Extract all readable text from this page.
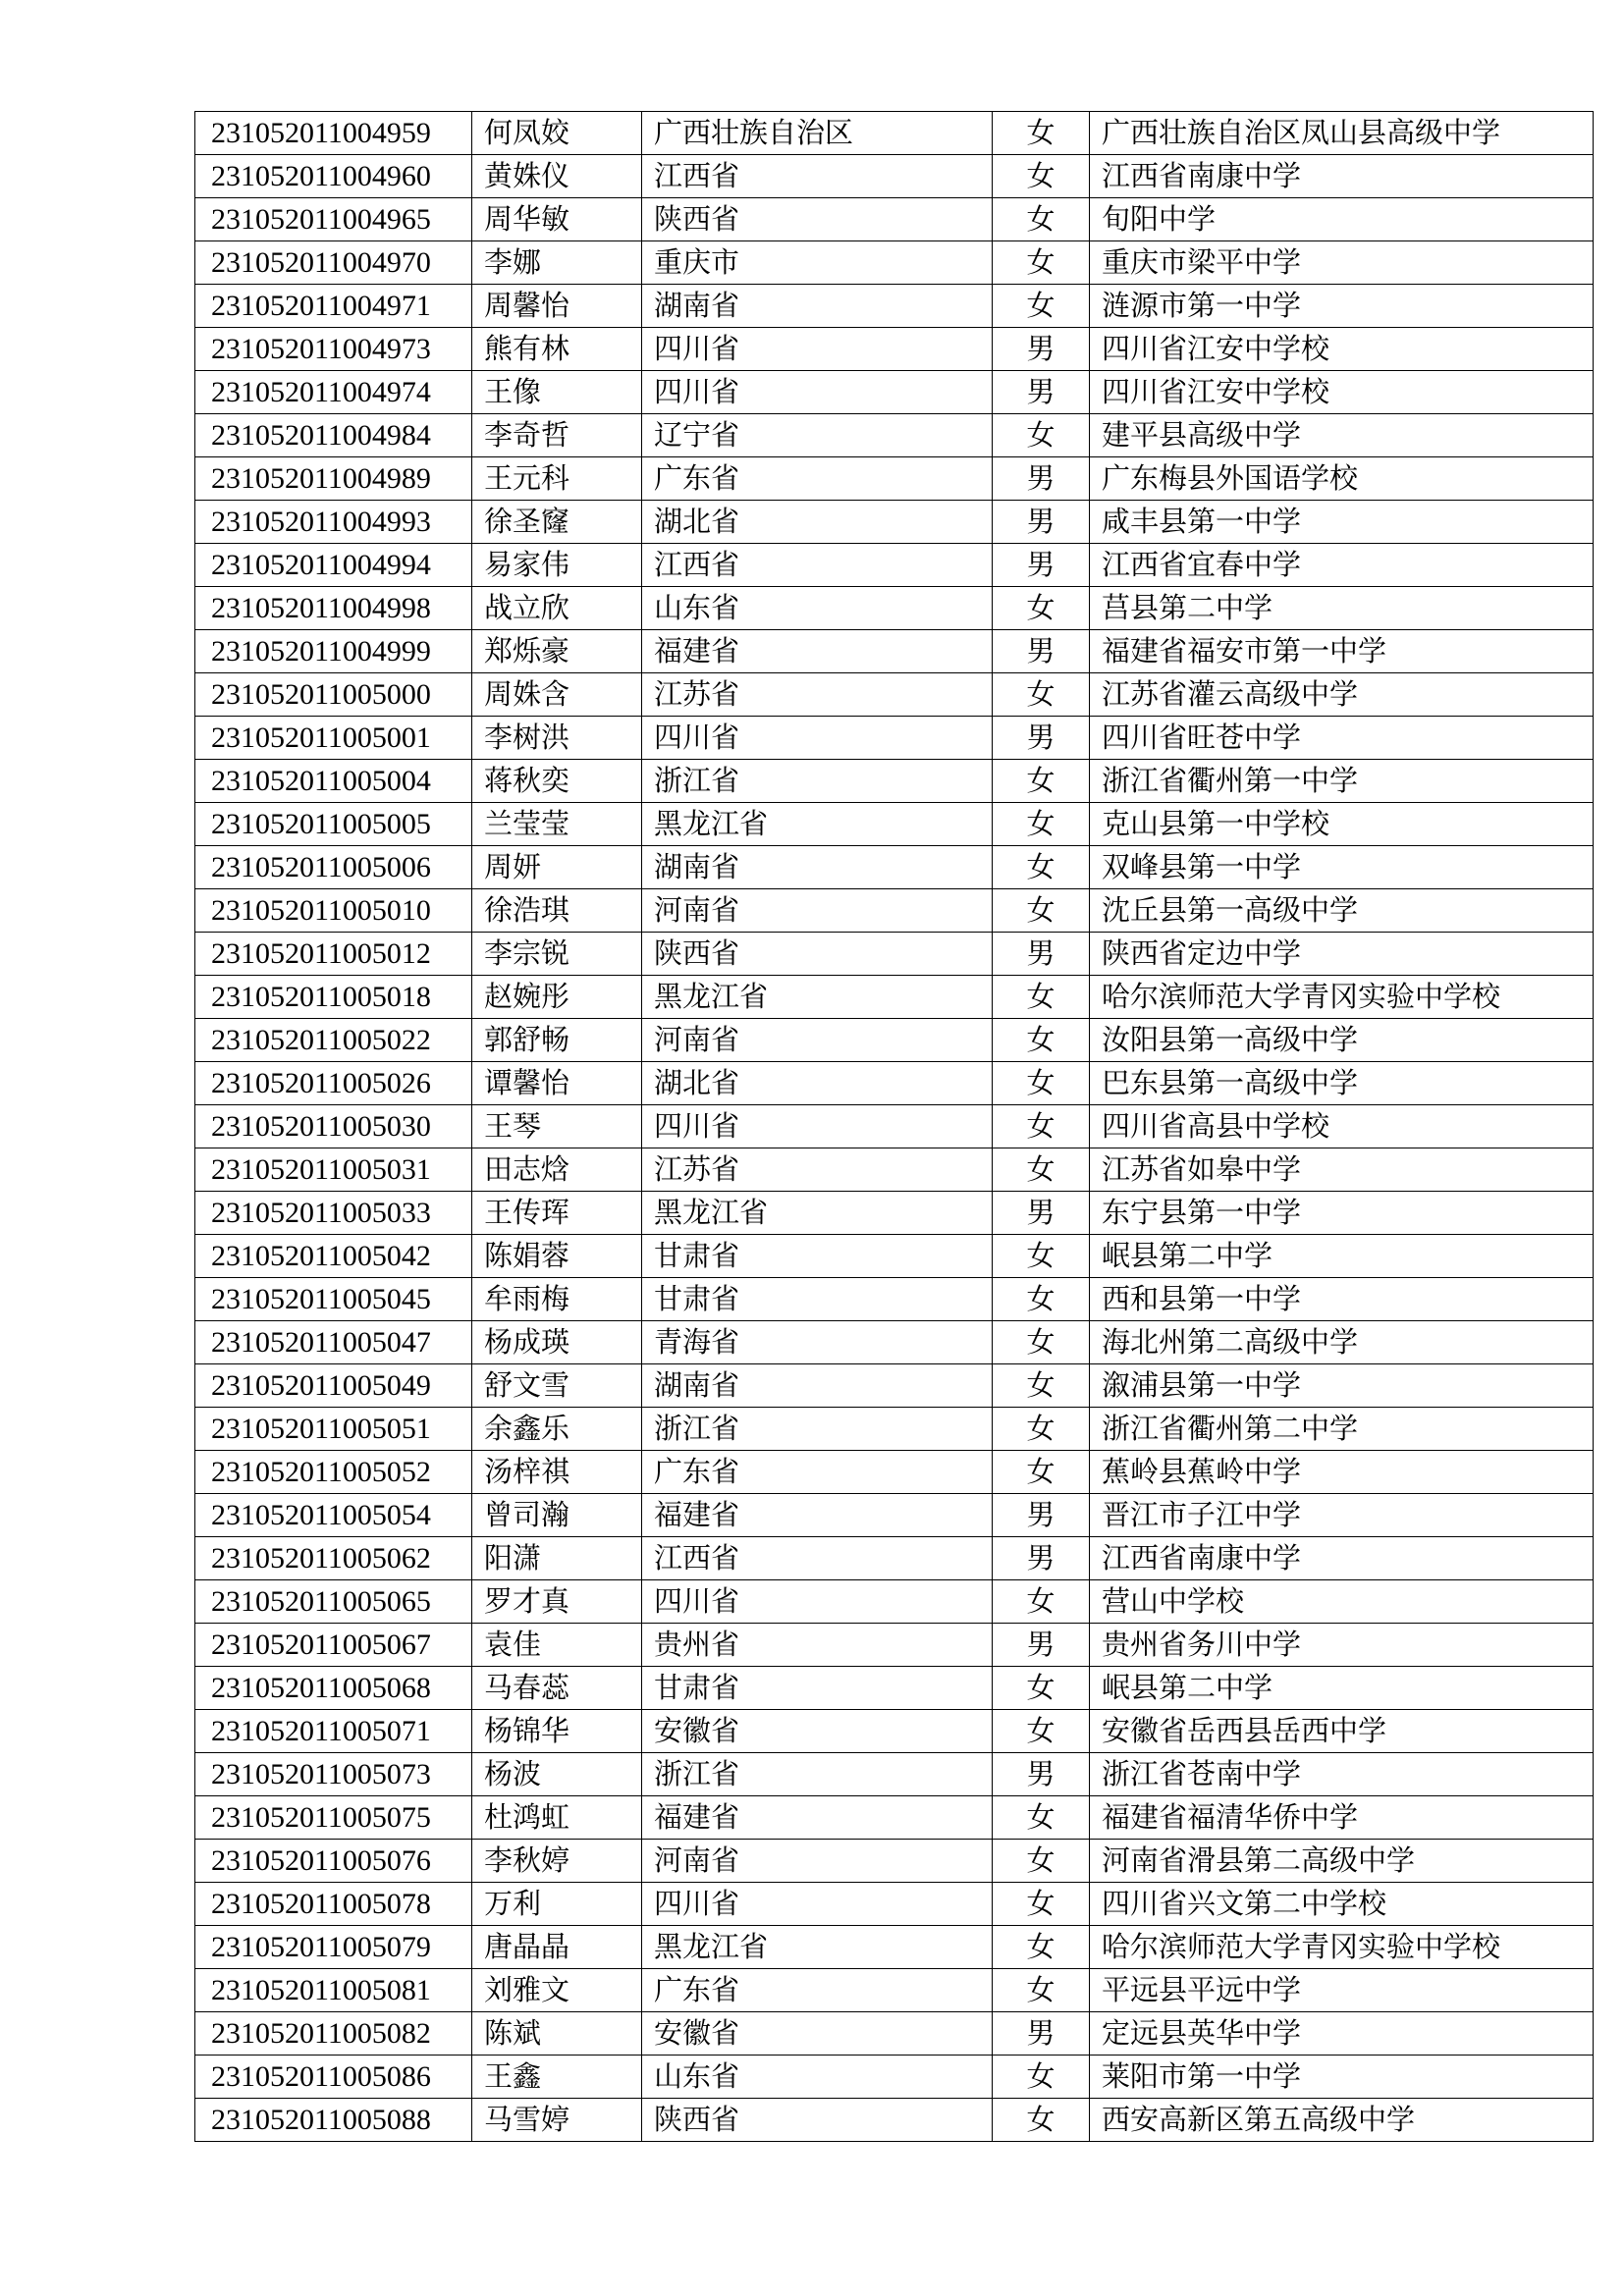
231052011004959	何凤姣	广西壮族自治区	女	广西壮族自治区凤山县高级中学
231052011004960	黄姝仪	江西省	女	江西省南康中学
231052011004965	周华敏	陕西省	女	旬阳中学
231052011004970	李娜	重庆市	女	重庆市梁平中学
231052011004971	周馨怡	湖南省	女	涟源市第一中学
231052011004973	熊有林	四川省	男	四川省江安中学校
231052011004974	王像	四川省	男	四川省江安中学校
231052011004984	李奇哲	辽宁省	女	建平县高级中学
231052011004989	王元科	广东省	男	广东梅县外国语学校
231052011004993	徐圣窿	湖北省	男	咸丰县第一中学
231052011004994	易家伟	江西省	男	江西省宜春中学
231052011004998	战立欣	山东省	女	莒县第二中学
231052011004999	郑烁豪	福建省	男	福建省福安市第一中学
231052011005000	周姝含	江苏省	女	江苏省灌云高级中学
231052011005001	李树洪	四川省	男	四川省旺苍中学
231052011005004	蒋秋奕	浙江省	女	浙江省衢州第一中学
231052011005005	兰莹莹	黑龙江省	女	克山县第一中学校
231052011005006	周妍	湖南省	女	双峰县第一中学
231052011005010	徐浩琪	河南省	女	沈丘县第一高级中学
231052011005012	李宗锐	陕西省	男	陕西省定边中学
231052011005018	赵婉彤	黑龙江省	女	哈尔滨师范大学青冈实验中学校
231052011005022	郭舒畅	河南省	女	汝阳县第一高级中学
231052011005026	谭馨怡	湖北省	女	巴东县第一高级中学
231052011005030	王琴	四川省	女	四川省高县中学校
231052011005031	田志焓	江苏省	女	江苏省如皋中学
231052011005033	王传珲	黑龙江省	男	东宁县第一中学
231052011005042	陈娟蓉	甘肃省	女	岷县第二中学
231052011005045	牟雨梅	甘肃省	女	西和县第一中学
231052011005047	杨成瑛	青海省	女	海北州第二高级中学
231052011005049	舒文雪	湖南省	女	溆浦县第一中学
231052011005051	余鑫乐	浙江省	女	浙江省衢州第二中学
231052011005052	汤梓祺	广东省	女	蕉岭县蕉岭中学
231052011005054	曾司瀚	福建省	男	晋江市子江中学
231052011005062	阳潇	江西省	男	江西省南康中学
231052011005065	罗才真	四川省	女	营山中学校
231052011005067	袁佳	贵州省	男	贵州省务川中学
231052011005068	马春蕊	甘肃省	女	岷县第二中学
231052011005071	杨锦华	安徽省	女	安徽省岳西县岳西中学
231052011005073	杨波	浙江省	男	浙江省苍南中学
231052011005075	杜鸿虹	福建省	女	福建省福清华侨中学
231052011005076	李秋婷	河南省	女	河南省滑县第二高级中学
231052011005078	万利	四川省	女	四川省兴文第二中学校
231052011005079	唐晶晶	黑龙江省	女	哈尔滨师范大学青冈实验中学校
231052011005081	刘雅文	广东省	女	平远县平远中学
231052011005082	陈斌	安徽省	男	定远县英华中学
231052011005086	王鑫	山东省	女	莱阳市第一中学
231052011005088	马雪婷	陕西省	女	西安高新区第五高级中学
